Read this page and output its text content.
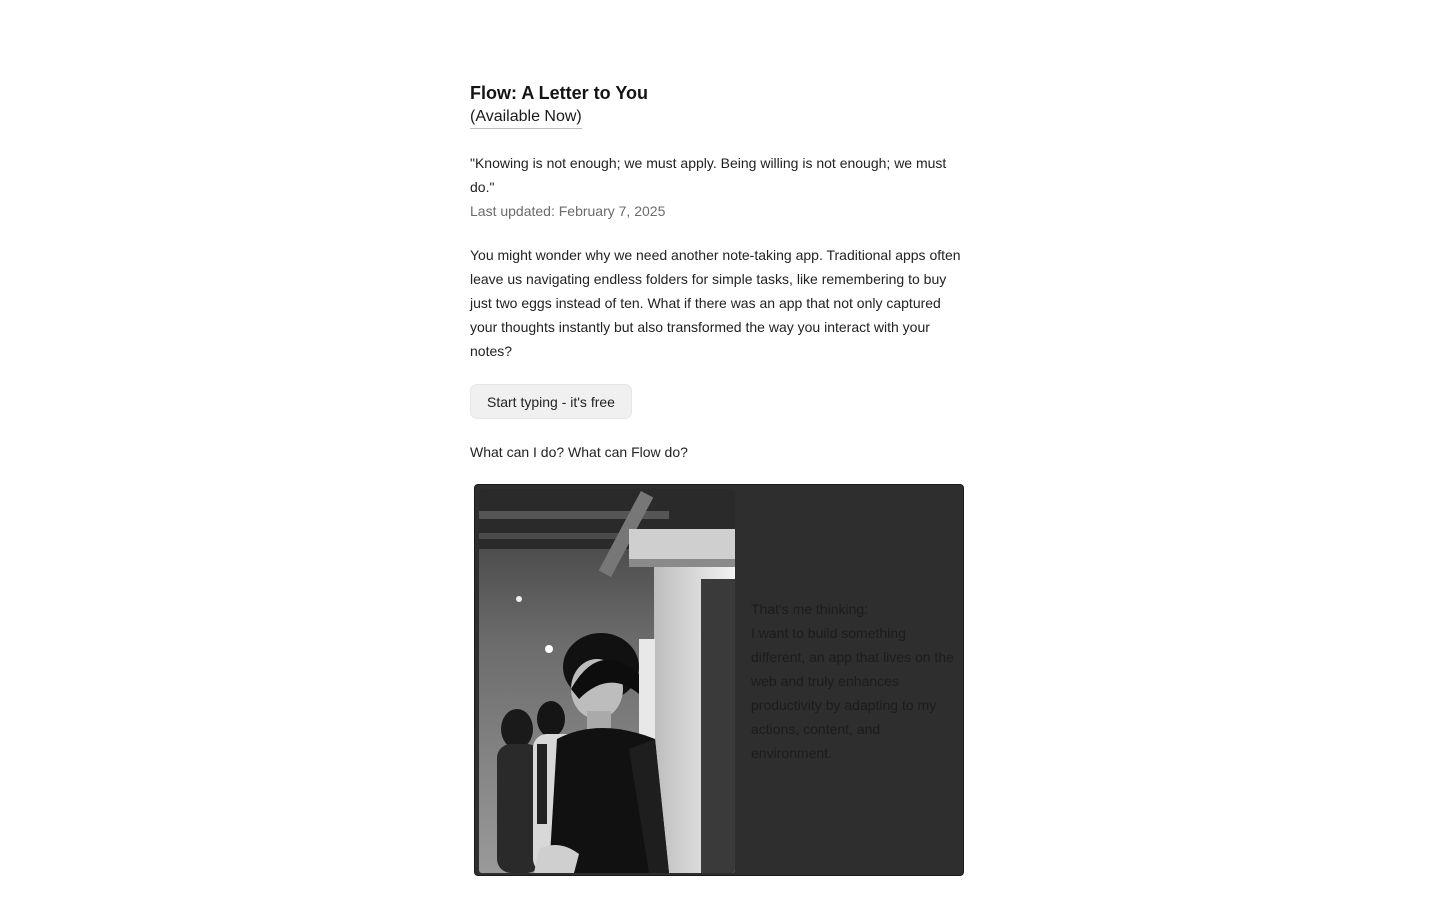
Flow: A Letter to You
(Available Now)
"Knowing is not enough; we must apply. Being willing is not enough; we must do."
Last updated: February 7, 2025
You might wonder why we need another note-taking app. Traditional apps often leave us navigating endless folders for simple tasks, like remembering to buy just two eggs instead of ten. What if there was an app that not only captured your thoughts instantly but also transformed the way you interact with your notes?
Start typing - it's free
What can I do? What can Flow do?
That's me thinking:
I want to build something different, an app that lives on the web and truly enhances productivity by adapting to my actions, content, and environment.
